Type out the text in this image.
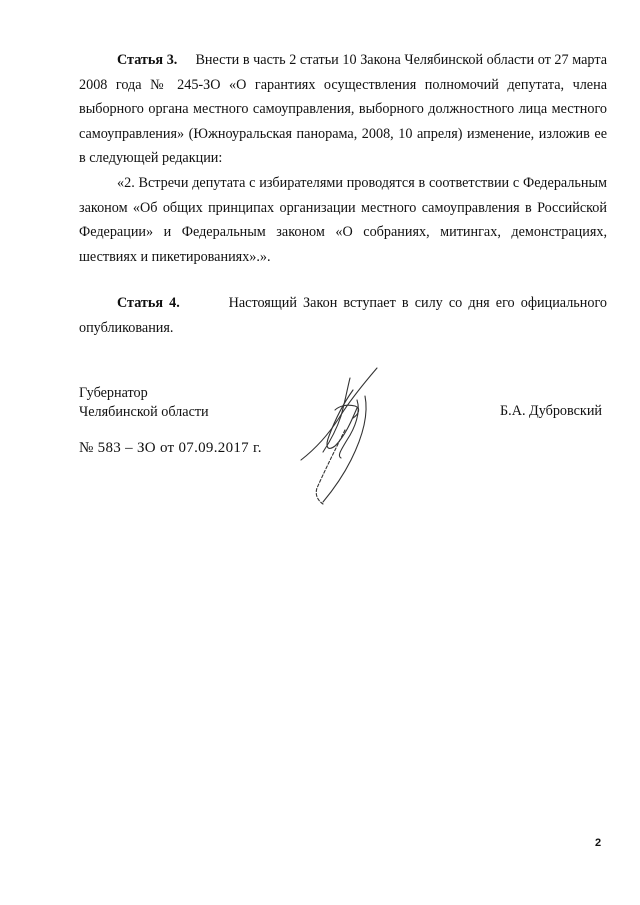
Статья 3. Внести в часть 2 статьи 10 Закона Челябинской области от 27 марта 2008 года № 245-ЗО «О гарантиях осуществления полномочий депутата, члена выборного органа местного самоуправления, выборного должностного лица местного самоуправления» (Южноуральская панорама, 2008, 10 апреля) изменение, изложив ее в следующей редакции:

«2. Встречи депутата с избирателями проводятся в соответствии с Федеральным законом «Об общих принципах организации местного самоуправления в Российской Федерации» и Федеральным законом «О собраниях, митингах, демонстрациях, шествиях и пикетированиях».».

Статья 4.	Настоящий Закон вступает в силу со дня его официального опубликования.

Губернатор
Челябинской области	Б.А. Дубровский
№ 583 – ЗО от 07.09.2017 г.
2
